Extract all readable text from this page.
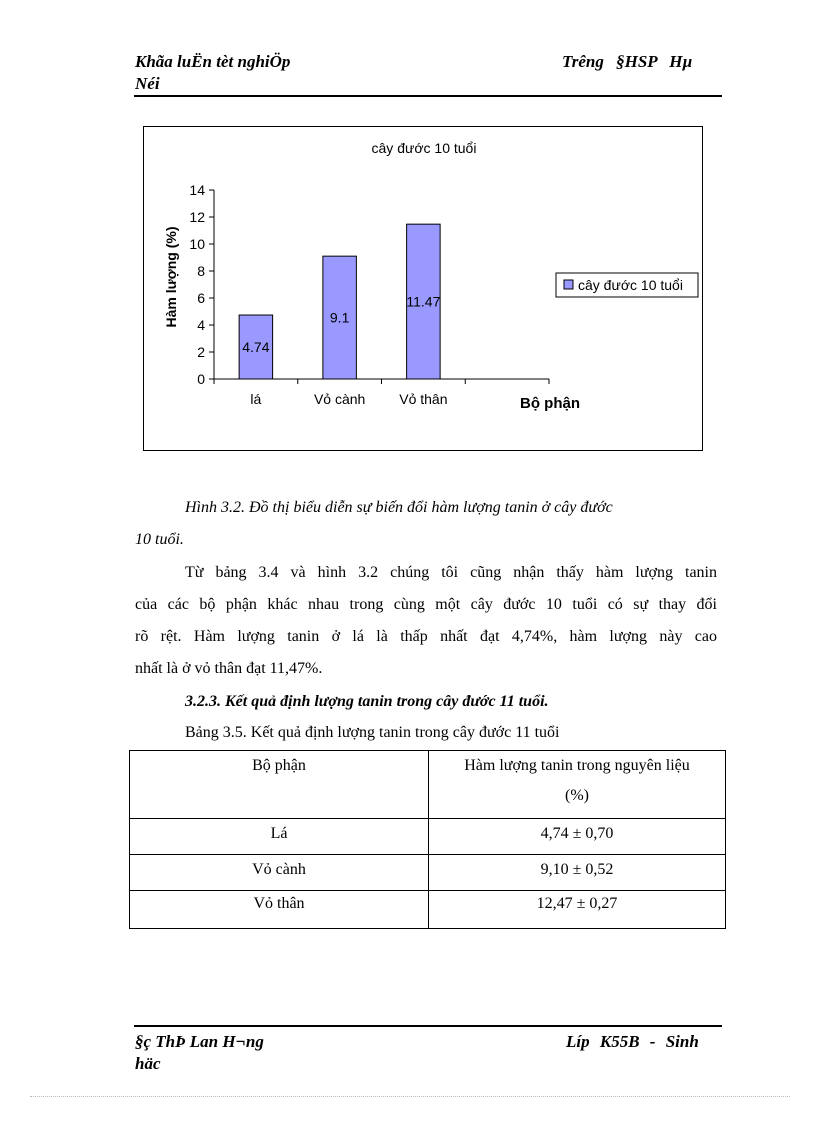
Khãa luËn tèt nghiÖp
Néi
Trêng §HSP Hµ
cây đước 10 tuổi
Hàm lượng (%)
Bộ phận
0
2
4
6
8
10
12
14
lá
4.74
Vỏ cành
9.1
Vỏ thân
11.47
cây đước 10 tuổi
Hình 3.2. Đồ thị biểu diễn sự biến đổi hàm lượng tanin ở cây đước
10 tuổi.
Từ bảng 3.4 và hình 3.2 chúng tôi cũng nhận thấy hàm lượng tanin
của các bộ phận khác nhau trong cùng một cây đước 10 tuổi có sự thay đổi
rõ rệt. Hàm lượng tanin ở lá là thấp nhất đạt 4,74%, hàm lượng này cao
nhất là ở vỏ thân đạt 11,47%.
3.2.3. Kết quả định lượng tanin trong cây đước 11 tuổi.
Bảng 3.5. Kết quả định lượng tanin trong cây đước 11 tuổi
Bộ phận	Hàm lượng tanin trong nguyên liệu
(%)

Lá	4,74 ± 0,70
Vỏ cành	9,10 ± 0,52
Vỏ thân	12,47 ± 0,27
§ç ThÞ Lan H¬ng
häc
Líp K55B - Sinh
